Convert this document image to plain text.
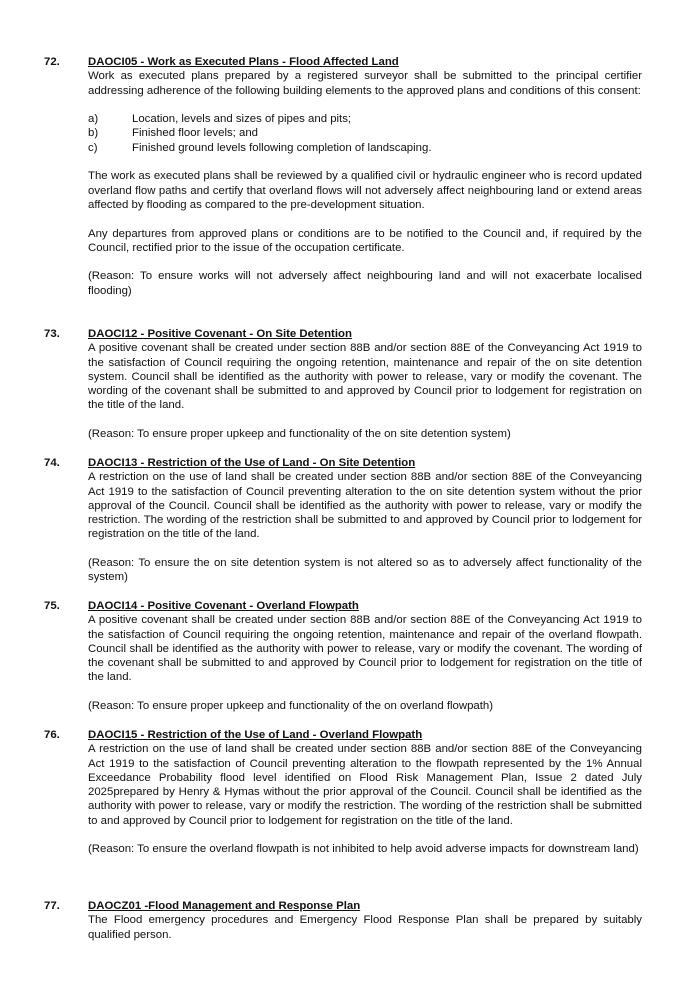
72. DAOCI05 - Work as Executed Plans - Flood Affected Land

Work as executed plans prepared by a registered surveyor shall be submitted to the principal certifier addressing adherence of the following building elements to the approved plans and conditions of this consent:

a)	Location, levels and sizes of pipes and pits;
b)	Finished floor levels; and
c)	Finished ground levels following completion of landscaping.

The work as executed plans shall be reviewed by a qualified civil or hydraulic engineer who is record updated overland flow paths and certify that overland flows will not adversely affect neighbouring land or extend areas affected by flooding as compared to the pre-development situation.

Any departures from approved plans or conditions are to be notified to the Council and, if required by the Council, rectified prior to the issue of the occupation certificate.

(Reason: To ensure works will not adversely affect neighbouring land and will not exacerbate localised flooding)

73. DAOCI12 - Positive Covenant - On Site Detention

A positive covenant shall be created under section 88B and/or section 88E of the Conveyancing Act 1919 to the satisfaction of Council requiring the ongoing retention, maintenance and repair of the on site detention system. Council shall be identified as the authority with power to release, vary or modify the covenant. The wording of the covenant shall be submitted to and approved by Council prior to lodgement for registration on the title of the land.

(Reason: To ensure proper upkeep and functionality of the on site detention system)

74. DAOCI13 - Restriction of the Use of Land - On Site Detention

A restriction on the use of land shall be created under section 88B and/or section 88E of the Conveyancing Act 1919 to the satisfaction of Council preventing alteration to the on site detention system without the prior approval of the Council. Council shall be identified as the authority with power to release, vary or modify the restriction. The wording of the restriction shall be submitted to and approved by Council prior to lodgement for registration on the title of the land.

(Reason: To ensure the on site detention system is not altered so as to adversely affect functionality of the system)

75. DAOCI14 - Positive Covenant - Overland Flowpath

A positive covenant shall be created under section 88B and/or section 88E of the Conveyancing Act 1919 to the satisfaction of Council requiring the ongoing retention, maintenance and repair of the overland flowpath. Council shall be identified as the authority with power to release, vary or modify the covenant. The wording of the covenant shall be submitted to and approved by Council prior to lodgement for registration on the title of the land.

(Reason: To ensure proper upkeep and functionality of the on overland flowpath)

76. DAOCI15 - Restriction of the Use of Land - Overland Flowpath

A restriction on the use of land shall be created under section 88B and/or section 88E of the Conveyancing Act 1919 to the satisfaction of Council preventing alteration to the flowpath represented by the 1% Annual Exceedance Probability flood level identified on Flood Risk Management Plan, Issue 2 dated July 2025prepared by Henry & Hymas without the prior approval of the Council. Council shall be identified as the authority with power to release, vary or modify the restriction. The wording of the restriction shall be submitted to and approved by Council prior to lodgement for registration on the title of the land.

(Reason: To ensure the overland flowpath is not inhibited to help avoid adverse impacts for downstream land)

77. DAOCZ01 -Flood Management and Response Plan

The Flood emergency procedures and Emergency Flood Response Plan shall be prepared by suitably qualified person.
